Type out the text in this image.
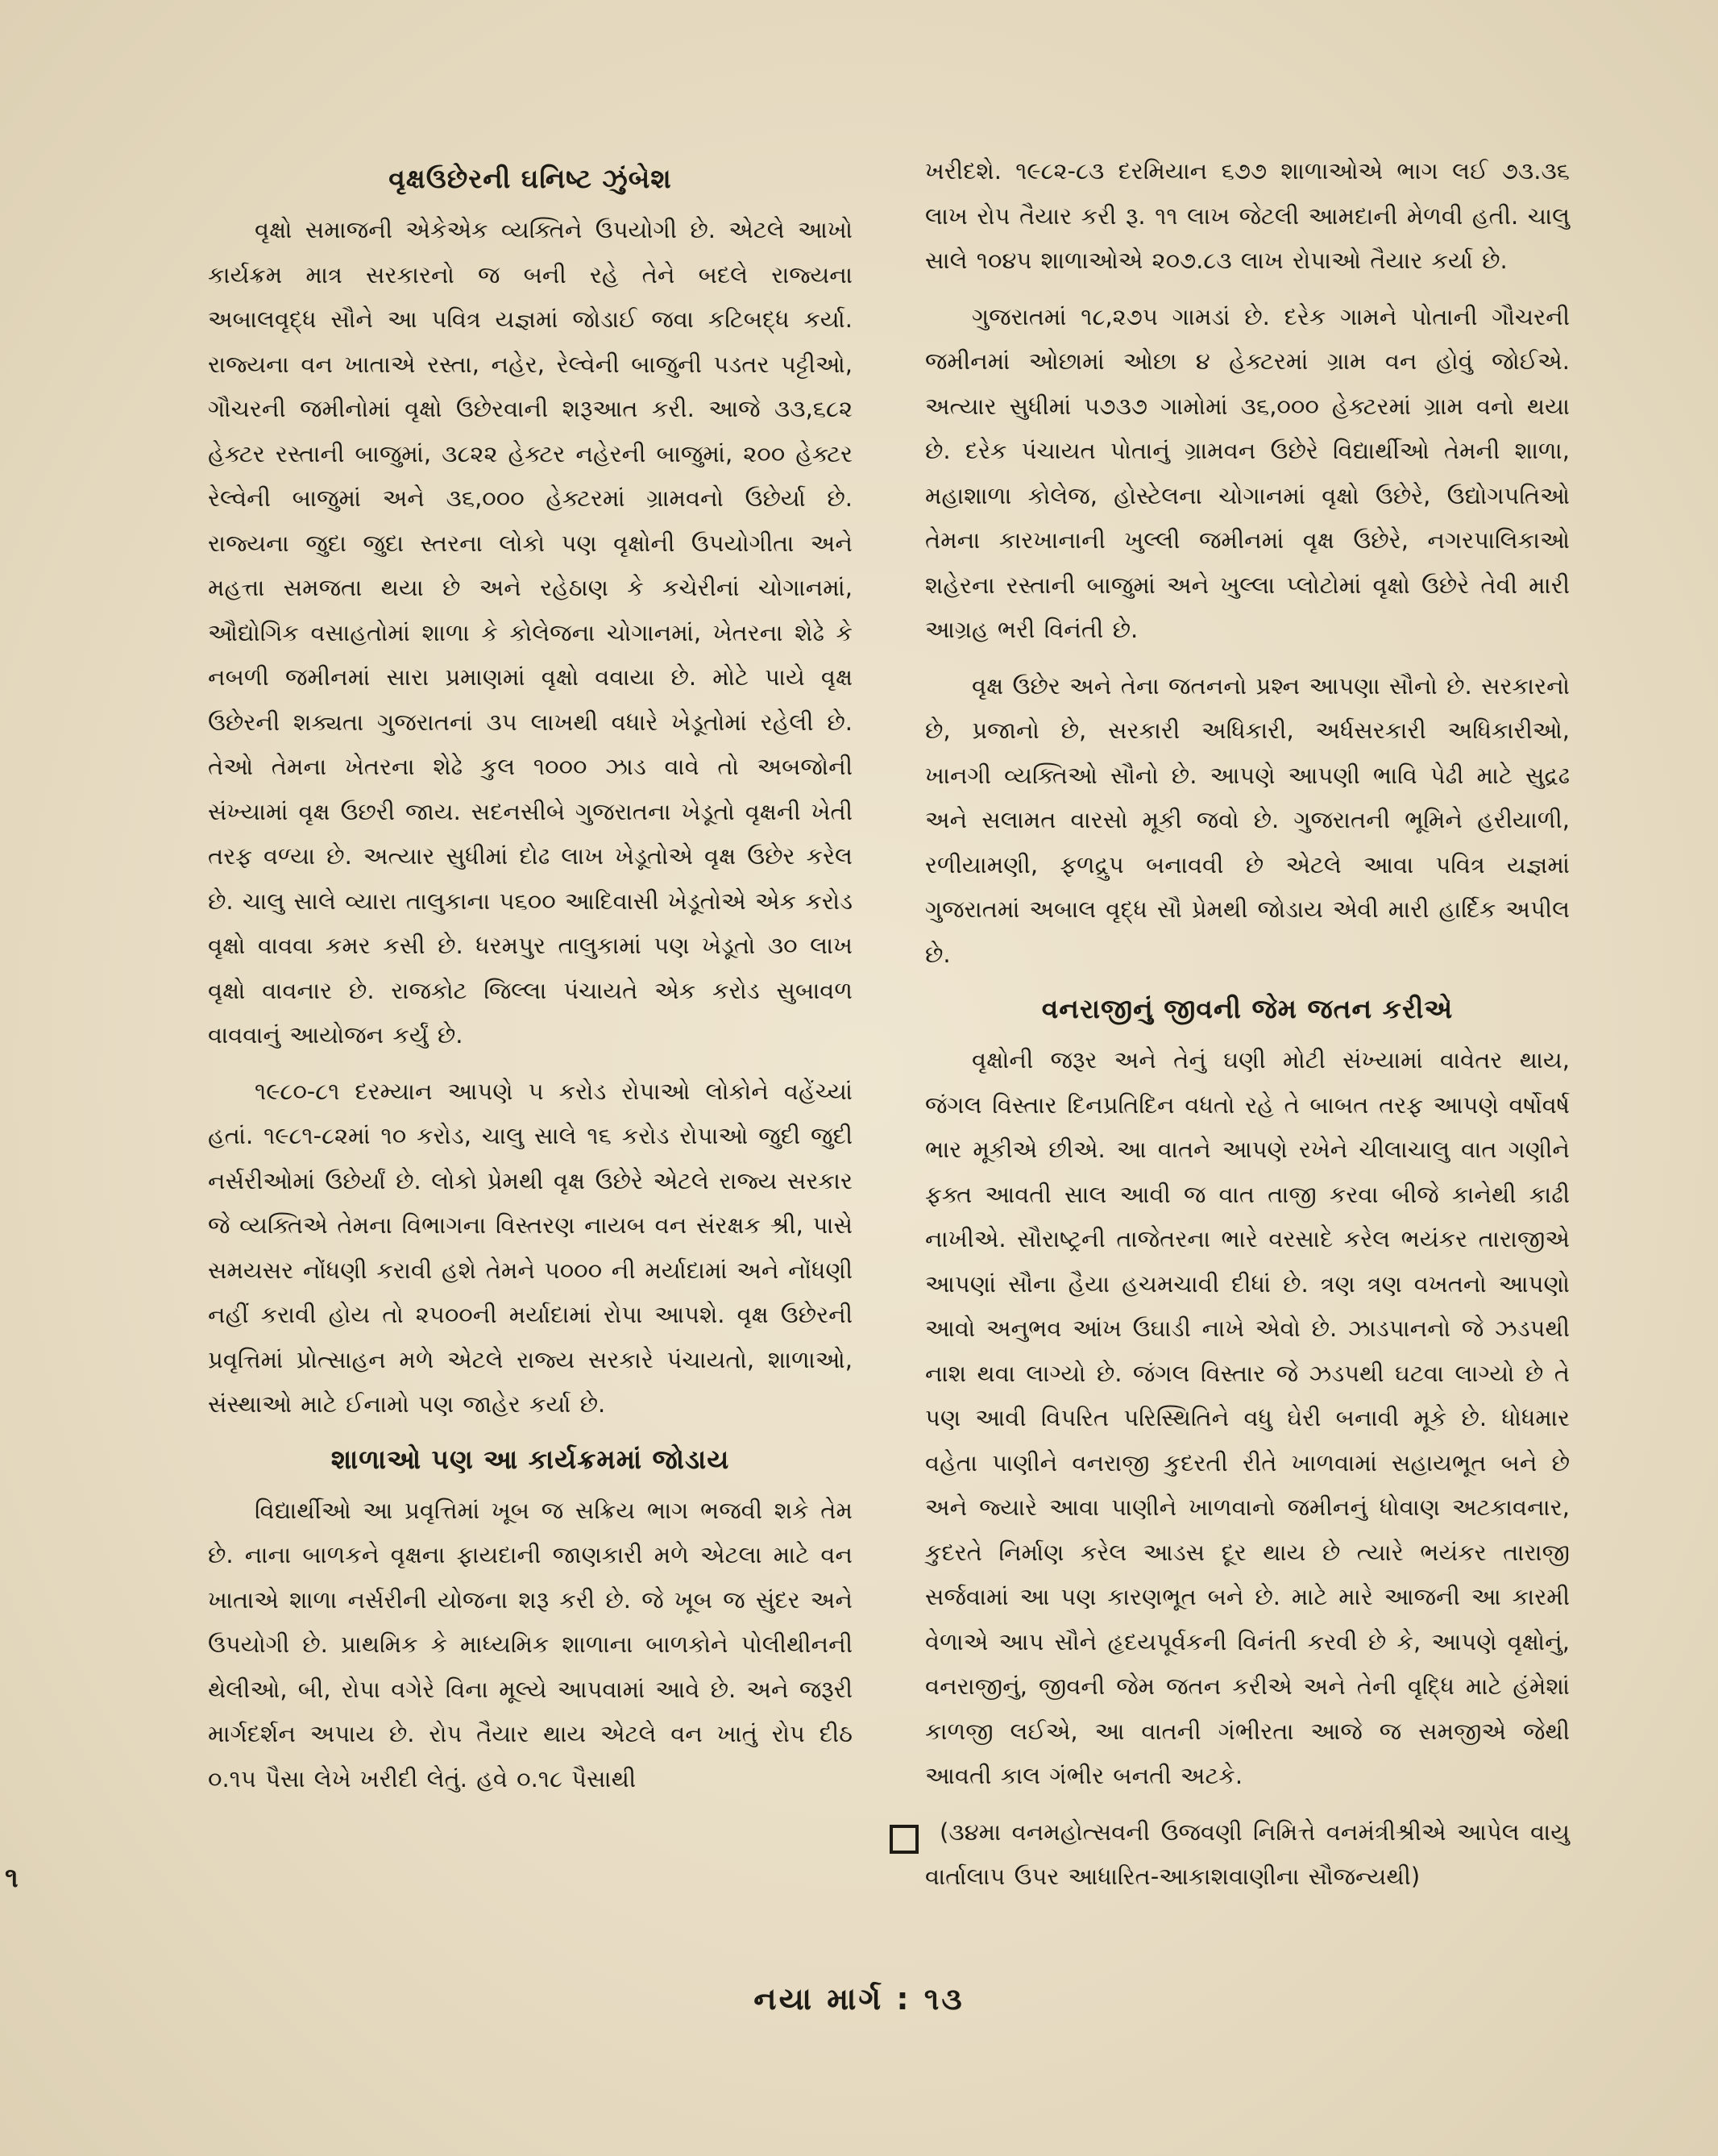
વૃક્ષઉછેરની ઘનિષ્ટ ઝુંબેશ

વૃક્ષો સમાજની એકેએક વ્યક્તિને ઉપયોગી છે. એટલે આખો કાર્યક્રમ માત્ર સરકારનો જ બની રહે તેને બદલે રાજ્યના અબાલવૃદ્ધ સૌને આ પવિત્ર યજ્ઞમાં જોડાઈ જવા કટિબદ્ધ કર્યા. રાજ્યના વન ખાતાએ રસ્તા, નહેર, રેલ્વેની બાજુની પડતર પટ્ટીઓ, ગૌચરની જમીનોમાં વૃક્ષો ઉછેરવાની શરૂઆત કરી. આજે ૩૩,૬૮૨ હેક્ટર રસ્તાની બાજુમાં, ૩૮૨૨ હેક્ટર નહેરની બાજુમાં, ૨૦૦ હેક્ટર રેલ્વેની બાજુમાં અને ૩૬,૦૦૦ હેક્ટરમાં ગ્રામવનો ઉછેર્યા છે. રાજ્યના જુદા જુદા સ્તરના લોકો પણ વૃક્ષોની ઉપયોગીતા અને મહત્તા સમજતા થયા છે અને રહેઠાણ કે કચેરીનાં ચોગાનમાં, ઔદ્યોગિક વસાહતોમાં શાળા કે કોલેજના ચોગાનમાં, ખેતરના શેઢે કે નબળી જમીનમાં સારા પ્રમાણમાં વૃક્ષો વવાયા છે. મોટે પાયે વૃક્ષ ઉછેરની શક્યતા ગુજરાતનાં ૩૫ લાખથી વધારે ખેડૂતોમાં રહેલી છે. તેઓ તેમના ખેતરના શેઢે કુલ ૧૦૦૦ ઝાડ વાવે તો અબજોની સંખ્યામાં વૃક્ષ ઉછરી જાય. સદનસીબે ગુજરાતના ખેડૂતો વૃક્ષની ખેતી તરફ વળ્યા છે. અત્યાર સુધીમાં દોઢ લાખ ખેડૂતોએ વૃક્ષ ઉછેર કરેલ છે. ચાલુ સાલે વ્યારા તાલુકાના ૫૬૦૦ આદિવાસી ખેડૂતોએ એક કરોડ વૃક્ષો વાવવા કમર કસી છે. ધરમપુર તાલુકામાં પણ ખેડૂતો ૩૦ લાખ વૃક્ષો વાવનાર છે. રાજકોટ જિલ્લા પંચાયતે એક કરોડ સુબાવળ વાવવાનું આયોજન કર્યું છે.

૧૯૮૦-૮૧ દરમ્યાન આપણે ૫ કરોડ રોપાઓ લોકોને વહેંચ્યાં હતાં. ૧૯૮૧-૮૨માં ૧૦ કરોડ, ચાલુ સાલે ૧૬ કરોડ રોપાઓ જુદી જુદી નર્સરીઓમાં ઉછેર્યાં છે. લોકો પ્રેમથી વૃક્ષ ઉછેરે એટલે રાજ્ય સરકાર જે વ્યક્તિએ તેમના વિભાગના વિસ્તરણ નાયબ વન સંરક્ષક શ્રી, પાસે સમયસર નોંધણી કરાવી હશે તેમને ૫૦૦૦ ની મર્યાદામાં અને નોંધણી નહીં કરાવી હોય તો ૨૫૦૦ની મર્યાદામાં રોપા આપશે. વૃક્ષ ઉછેરની પ્રવૃત્તિમાં પ્રોત્સાહન મળે એટલે રાજ્ય સરકારે પંચાયતો, શાળાઓ, સંસ્થાઓ માટે ઈનામો પણ જાહેર કર્યા છે.

શાળાઓ પણ આ કાર્યક્રમમાં જોડાય

વિદ્યાર્થીઓ આ પ્રવૃત્તિમાં ખૂબ જ સક્રિય ભાગ ભજવી શકે તેમ છે. નાના બાળકને વૃક્ષના ફાયદાની જાણકારી મળે એટલા માટે વન ખાતાએ શાળા નર્સરીની યોજના શરૂ કરી છે. જે ખૂબ જ સુંદર અને ઉપયોગી છે. પ્રાથમિક કે માધ્યમિક શાળાના બાળકોને પોલીથીનની થેલીઓ, બી, રોપા વગેરે વિના મૂલ્યે આપવામાં આવે છે. અને જરૂરી માર્ગદર્શન અપાય છે. રોપ તૈયાર થાય એટલે વન ખાતું રોપ દીઠ ૦.૧૫ પૈસા લેખે ખરીદી લેતું. હવે ૦.૧૮ પૈસાથી

ખરીદશે. ૧૯૮૨-૮૩ દરમિયાન ૬૭૭ શાળાઓએ ભાગ લઈ ૭૩.૩૬ લાખ રોપ તૈયાર કરી રૂ. ૧૧ લાખ જેટલી આમદાની મેળવી હતી. ચાલુ સાલે ૧૦૪૫ શાળાઓએ ૨૦૭.૮૩ લાખ રોપાઓ તૈયાર કર્યા છે.

ગુજરાતમાં ૧૮,૨૭૫ ગામડાં છે. દરેક ગામને પોતાની ગૌચરની જમીનમાં ઓછામાં ઓછા ૪ હેક્ટરમાં ગ્રામ વન હોવું જોઈએ. અત્યાર સુધીમાં ૫૭૩૭ ગામોમાં ૩૬,૦૦૦ હેક્ટરમાં ગ્રામ વનો થયા છે. દરેક પંચાયત પોતાનું ગ્રામવન ઉછેરે વિદ્યાર્થીઓ તેમની શાળા, મહાશાળા કોલેજ, હોસ્ટેલના ચોગાનમાં વૃક્ષો ઉછેરે, ઉદ્યોગપતિઓ તેમના કારખાનાની ખુલ્લી જમીનમાં વૃક્ષ ઉછેરે, નગરપાલિકાઓ શહેરના રસ્તાની બાજુમાં અને ખુલ્લા પ્લોટોમાં વૃક્ષો ઉછેરે તેવી મારી આગ્રહ ભરી વિનંતી છે.

વૃક્ષ ઉછેર અને તેના જતનનો પ્રશ્ન આપણા સૌનો છે. સરકારનો છે, પ્રજાનો છે, સરકારી અધિકારી, અર્ધસરકારી અધિકારીઓ, ખાનગી વ્યક્તિઓ સૌનો છે. આપણે આપણી ભાવિ પેઢી માટે સુદ્રઢ અને સલામત વારસો મૂકી જવો છે. ગુજરાતની ભૂમિને હરીયાળી, રળીયામણી, ફળદ્રુપ બનાવવી છે એટલે આવા પવિત્ર યજ્ઞમાં ગુજરાતમાં અબાલ વૃદ્ધ સૌ પ્રેમથી જોડાય એવી મારી હાર્દિક અપીલ છે.

વનરાજીનું જીવની જેમ જતન કરીએ

વૃક્ષોની જરૂર અને તેનું ઘણી મોટી સંખ્યામાં વાવેતર થાય, જંગલ વિસ્તાર દિનપ્રતિદિન વધતો રહે તે બાબત તરફ આપણે વર્ષોવર્ષ ભાર મૂકીએ છીએ. આ વાતને આપણે રખેને ચીલાચાલુ વાત ગણીને ફક્ત આવતી સાલ આવી જ વાત તાજી કરવા બીજે કાનેથી કાઢી નાખીએ. સૌરાષ્ટ્રની તાજેતરના ભારે વરસાદે કરેલ ભયંકર તારાજીએ આપણાં સૌના હૈયા હચમચાવી દીધાં છે. ત્રણ ત્રણ વખતનો આપણો આવો અનુભવ આંખ ઉઘાડી નાખે એવો છે. ઝાડપાનનો જે ઝડપથી નાશ થવા લાગ્યો છે. જંગલ વિસ્તાર જે ઝડપથી ઘટવા લાગ્યો છે તે પણ આવી વિપરિત પરિસ્થિતિને વધુ ઘેરી બનાવી મૂકે છે. ધોધમાર વહેતા પાણીને વનરાજી કુદરતી રીતે ખાળવામાં સહાયભૂત બને છે અને જ્યારે આવા પાણીને ખાળવાનો જમીનનું ધોવાણ અટકાવનાર, કુદરતે નિર્માણ કરેલ આડસ દૂર થાય છે ત્યારે ભયંકર તારાજી સર્જવામાં આ પણ કારણભૂત બને છે. માટે મારે આજની આ કારમી વેળાએ આપ સૌને હૃદયપૂર્વકની વિનંતી કરવી છે કે, આપણે વૃક્ષોનું, વનરાજીનું, જીવની જેમ જતન કરીએ અને તેની વૃદ્ધિ માટે હંમેશાં કાળજી લઈએ, આ વાતની ગંભીરતા આજે જ સમજીએ જેથી આવતી કાલ ગંભીર બનતી અટકે.

(૩૪મા વનમહોત્સવની ઉજવણી નિમિત્તે વનમંત્રીશ્રીએ આપેલ વાયુ વાર્તાલાપ ઉપર આધારિત-આકાશવાણીના સૌજન્યથી)

૧
નયા માર્ગ : ૧૩
